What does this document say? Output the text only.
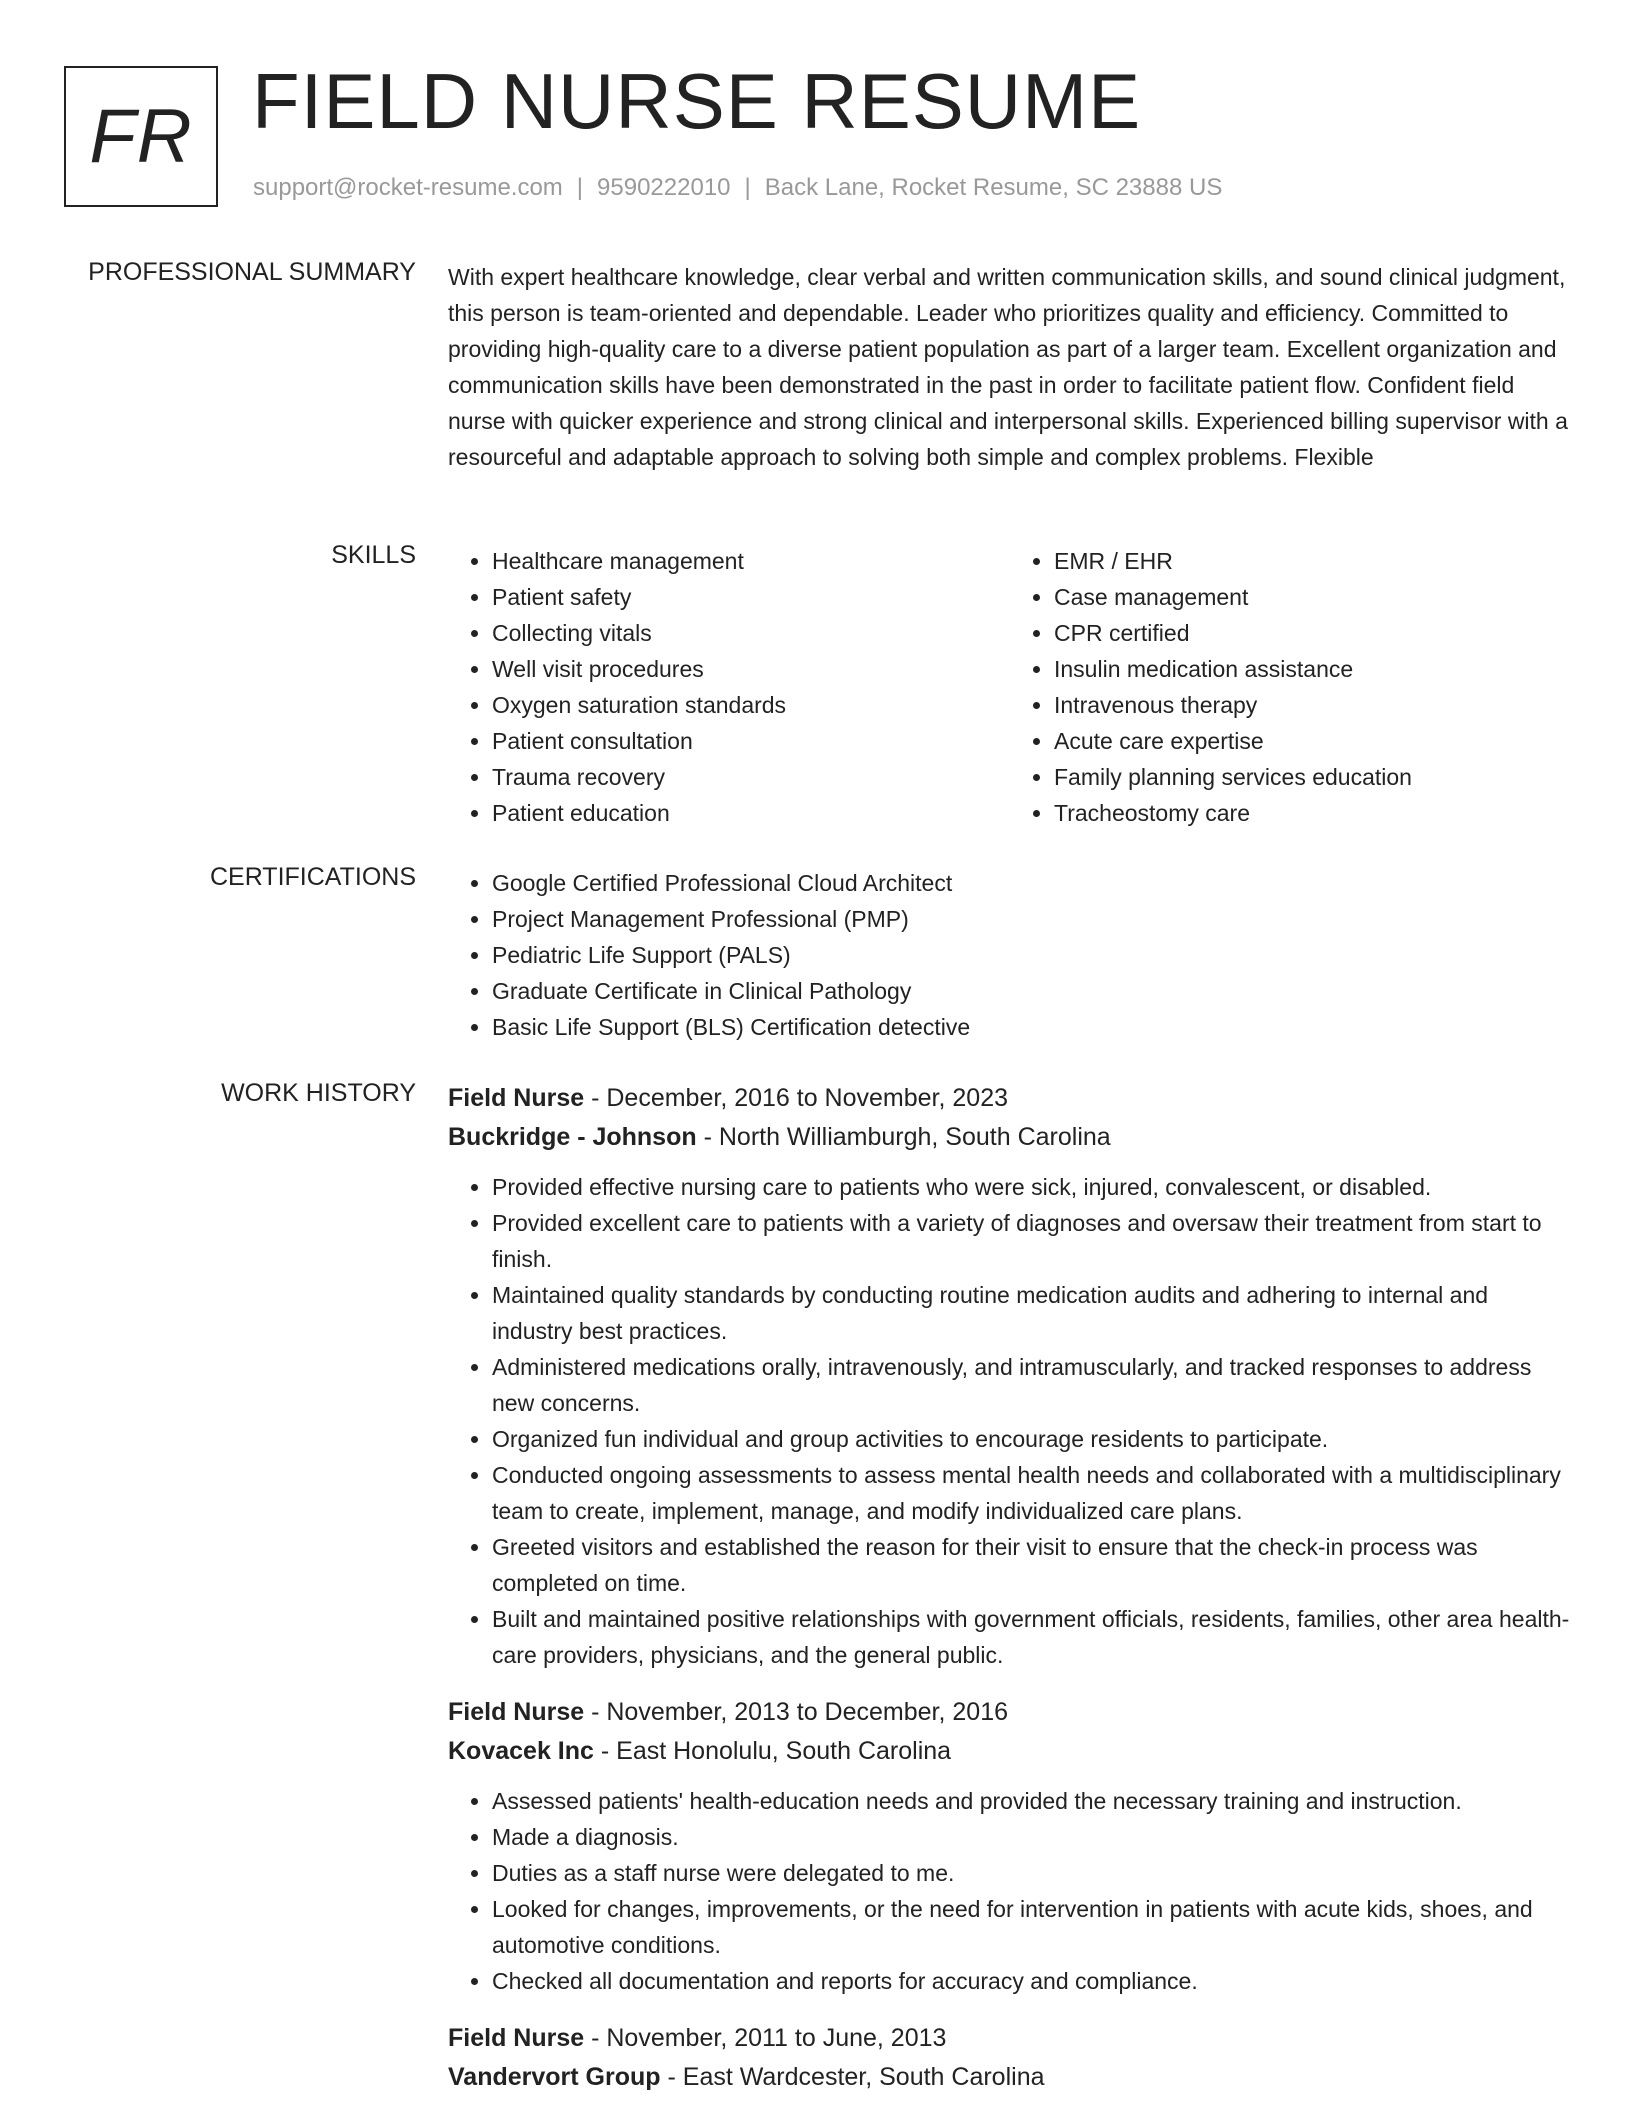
FR FIELD NURSE RESUME
support@rocket-resume.com | 9590222010 | Back Lane, Rocket Resume, SC 23888 US
PROFESSIONAL SUMMARY With expert healthcare knowledge, clear verbal and written communication skills, and sound clinical judgment, this person is team-oriented and dependable. Leader who prioritizes quality and efficiency. Committed to providing high-quality care to a diverse patient population as part of a larger team. Excellent organization and communication skills have been demonstrated in the past in order to facilitate patient flow. Confident field nurse with quicker experience and strong clinical and interpersonal skills. Experienced billing supervisor with a resourceful and adaptable approach to solving both simple and complex problems. Flexible

SKILLS	• Healthcare management
• Patient safety
• Collecting vitals
• Well visit procedures
• Oxygen saturation standards
• Patient consultation
• Trauma recovery
• Patient education
• EMR / EHR
• Case management
• CPR certified
• Insulin medication assistance
• Intravenous therapy
• Acute care expertise
• Family planning services education
• Tracheostomy care
CERTIFICATIONS	• Google Certified Professional Cloud Architect
• Project Management Professional (PMP)
• Pediatric Life Support (PALS)
• Graduate Certificate in Clinical Pathology
• Basic Life Support (BLS) Certification detective
WORK HISTORY Field Nurse - December, 2016 to November, 2023
Buckridge - Johnson - North Williamburgh, South Carolina
• Provided effective nursing care to patients who were sick, injured, convalescent, or disabled.
• Provided excellent care to patients with a variety of diagnoses and oversaw their treatment from start to finish.
• Maintained quality standards by conducting routine medication audits and adhering to internal and industry best practices.
• Administered medications orally, intravenously, and intramuscularly, and tracked responses to address new concerns.
• Organized fun individual and group activities to encourage residents to participate.
• Conducted ongoing assessments to assess mental health needs and collaborated with a multidisciplinary team to create, implement, manage, and modify individualized care plans.
• Greeted visitors and established the reason for their visit to ensure that the check-in process was completed on time.
• Built and maintained positive relationships with government officials, residents, families, other area health-care providers, physicians, and the general public.
Field Nurse - November, 2013 to December, 2016
Kovacek Inc - East Honolulu, South Carolina
• Assessed patients' health-education needs and provided the necessary training and instruction.
• Made a diagnosis.
• Duties as a staff nurse were delegated to me.
• Looked for changes, improvements, or the need for intervention in patients with acute kids, shoes, and automotive conditions.
• Checked all documentation and reports for accuracy and compliance.
Field Nurse - November, 2011 to June, 2013
Vandervort Group - East Wardcester, South Carolina
